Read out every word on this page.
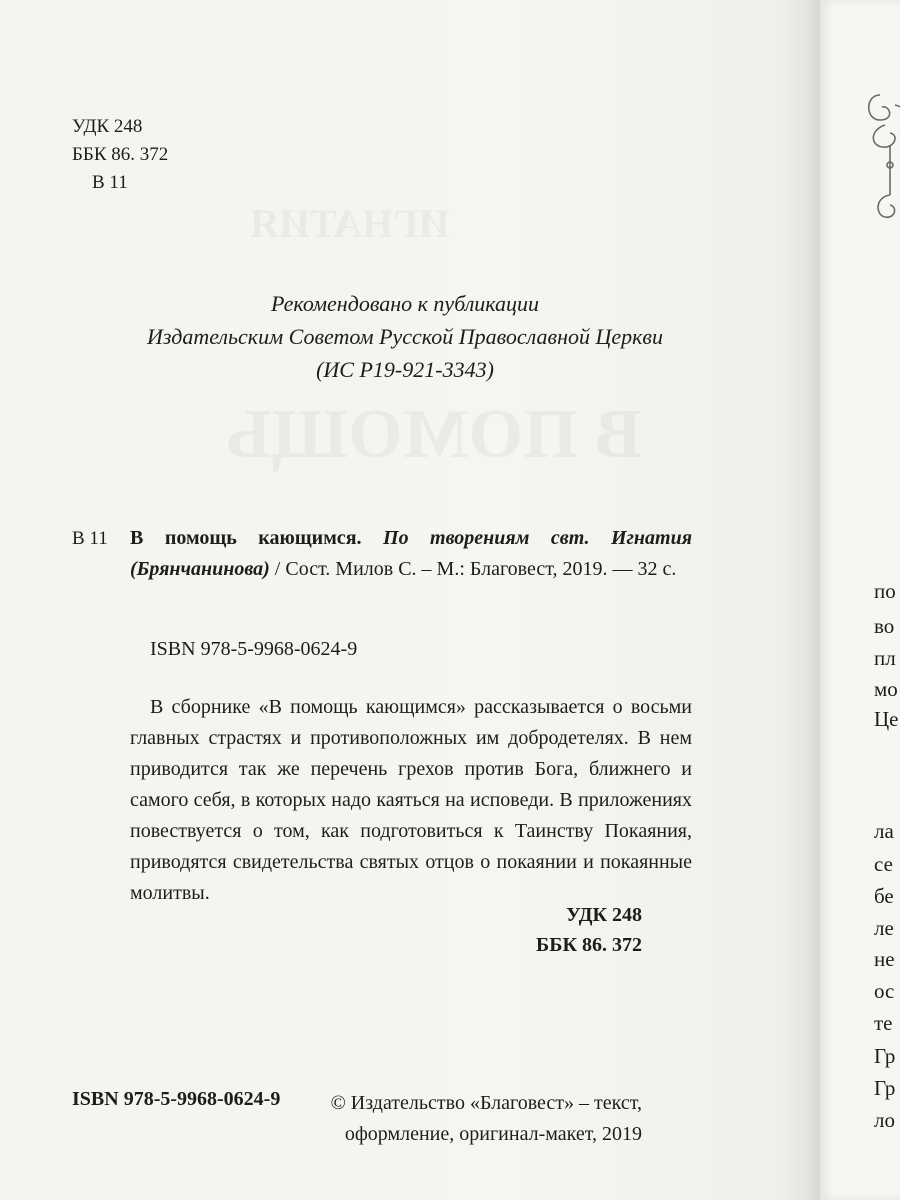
УДК 248
ББК 86. 372
В 11
Рекомендовано к публикации
Издательским Советом Русской Православной Церкви
(ИС Р19-921-3343)
В 11 В помощь кающимся. По творениям свт. Игнатия (Брянчанинова) / Сост. Милов С. – М.: Благовест, 2019. — 32 с.
ISBN 978-5-9968-0624-9
В сборнике «В помощь кающимся» рассказывается о восьми главных страстях и противоположных им добродетелях. В нем приводится так же перечень грехов против Бога, ближнего и самого себя, в которых надо каяться на исповеди. В приложениях повествуется о том, как подготовиться к Таинству Покаяния, приводятся свидетельства святых отцов о покаянии и покаянные молитвы.
УДК 248
ББК 86. 372
ISBN 978-5-9968-0624-9	© Издательство «Благовест» – текст,
оформление, оригинал-макет, 2019
по
во
пл
мо
Це
ла
се
бе
ле
не
ос
те
Гр
Гр
ло
